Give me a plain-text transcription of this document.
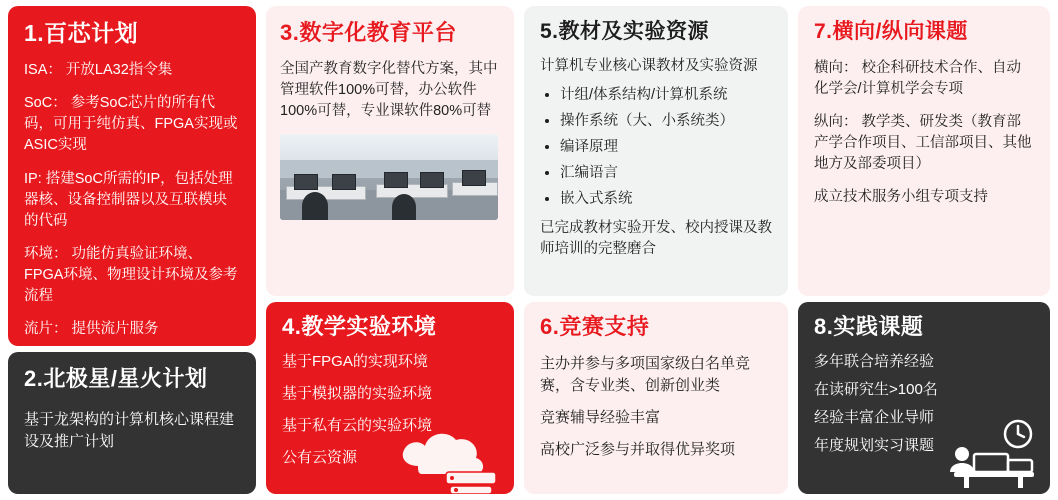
1.百芯计划

ISA： 开放LA32指令集

SoC： 参考SoC芯片的所有代码，可用于纯仿真、FPGA实现或ASIC实现

IP: 搭建SoC所需的IP，包括处理器核、设备控制器以及互联模块的代码

环境： 功能仿真验证环境、FPGA环境、物理设计环境及参考流程

流片： 提供流片服务

2.北极星/星火计划

基于龙架构的计算机核心课程建设及推广计划

3.数字化教育平台

全国产教育数字化替代方案，其中管理软件100%可替，办公软件100%可替，专业课软件80%可替

4.教学实验环境

基于FPGA的实现环境

基于模拟器的实验环境

基于私有云的实验环境

公有云资源

5.教材及实验资源

计算机专业核心课教材及实验资源

• 计组/体系结构/计算机系统
• 操作系统（大、小系统类）
• 编译原理
• 汇编语言
• 嵌入式系统

已完成教材实验开发、校内授课及教师培训的完整磨合

6.竞赛支持

主办并参与多项国家级白名单竞赛，含专业类、创新创业类

竞赛辅导经验丰富

高校广泛参与并取得优异奖项

7.横向/纵向课题

横向： 校企科研技术合作、自动化学会/计算机学会专项

纵向： 教学类、研发类（教育部产学合作项目、工信部项目、其他地方及部委项目）

成立技术服务小组专项支持

8.实践课题

多年联合培养经验

在读研究生>100名

经验丰富企业导师

年度规划实习课题
